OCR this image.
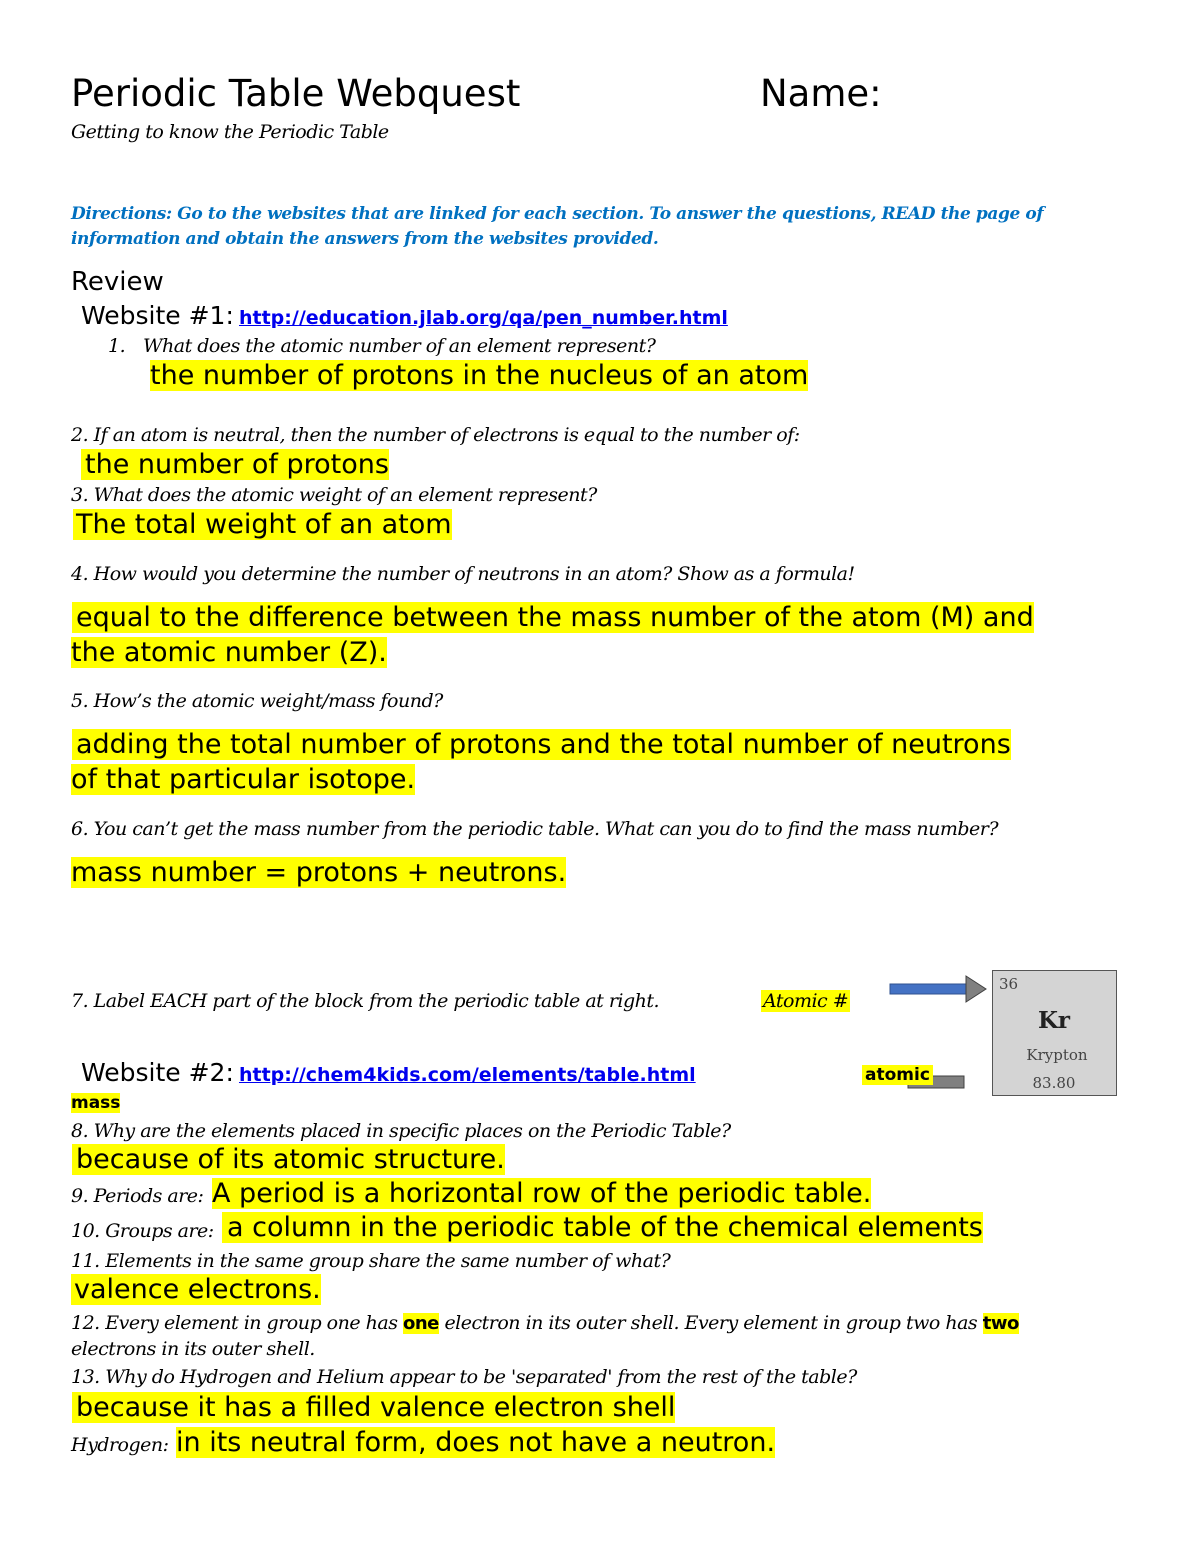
Periodic Table Webquest	Name:
Getting to know the Periodic Table
Directions: Go to the websites that are linked for each section. To answer the questions, READ the page of
information and obtain the answers from the websites provided.
Review
Website #1: http://education.jlab.org/qa/pen_number.html
1. What does the atomic number of an element represent?
the number of protons in the nucleus of an atom
2. If an atom is neutral, then the number of electrons is equal to the number of:
the number of protons
3. What does the atomic weight of an element represent?
The total weight of an atom
4. How would you determine the number of neutrons in an atom? Show as a formula!
equal to the difference between the mass number of the atom (M) and
the atomic number (Z).
5. How’s the atomic weight/mass found?
adding the total number of protons and the total number of neutrons
of that particular isotope.
6. You can’t get the mass number from the periodic table. What can you do to find the mass number?
mass number = protons + neutrons.
7. Label EACH part of the block from the periodic table at right.	Atomic #
36
Kr
Krypton
83.80
Website #2: http://chem4kids.com/elements/table.html	atomic
mass
8. Why are the elements placed in specific places on the Periodic Table?
because of its atomic structure.
9. Periods are: A period is a horizontal row of the periodic table.
10. Groups are: a column in the periodic table of the chemical elements
11. Elements in the same group share the same number of what?
valence electrons.
12. Every element in group one has one electron in its outer shell. Every element in group two has two
electrons in its outer shell.
13. Why do Hydrogen and Helium appear to be 'separated' from the rest of the table?
because it has a filled valence electron shell
Hydrogen: in its neutral form, does not have a neutron.
